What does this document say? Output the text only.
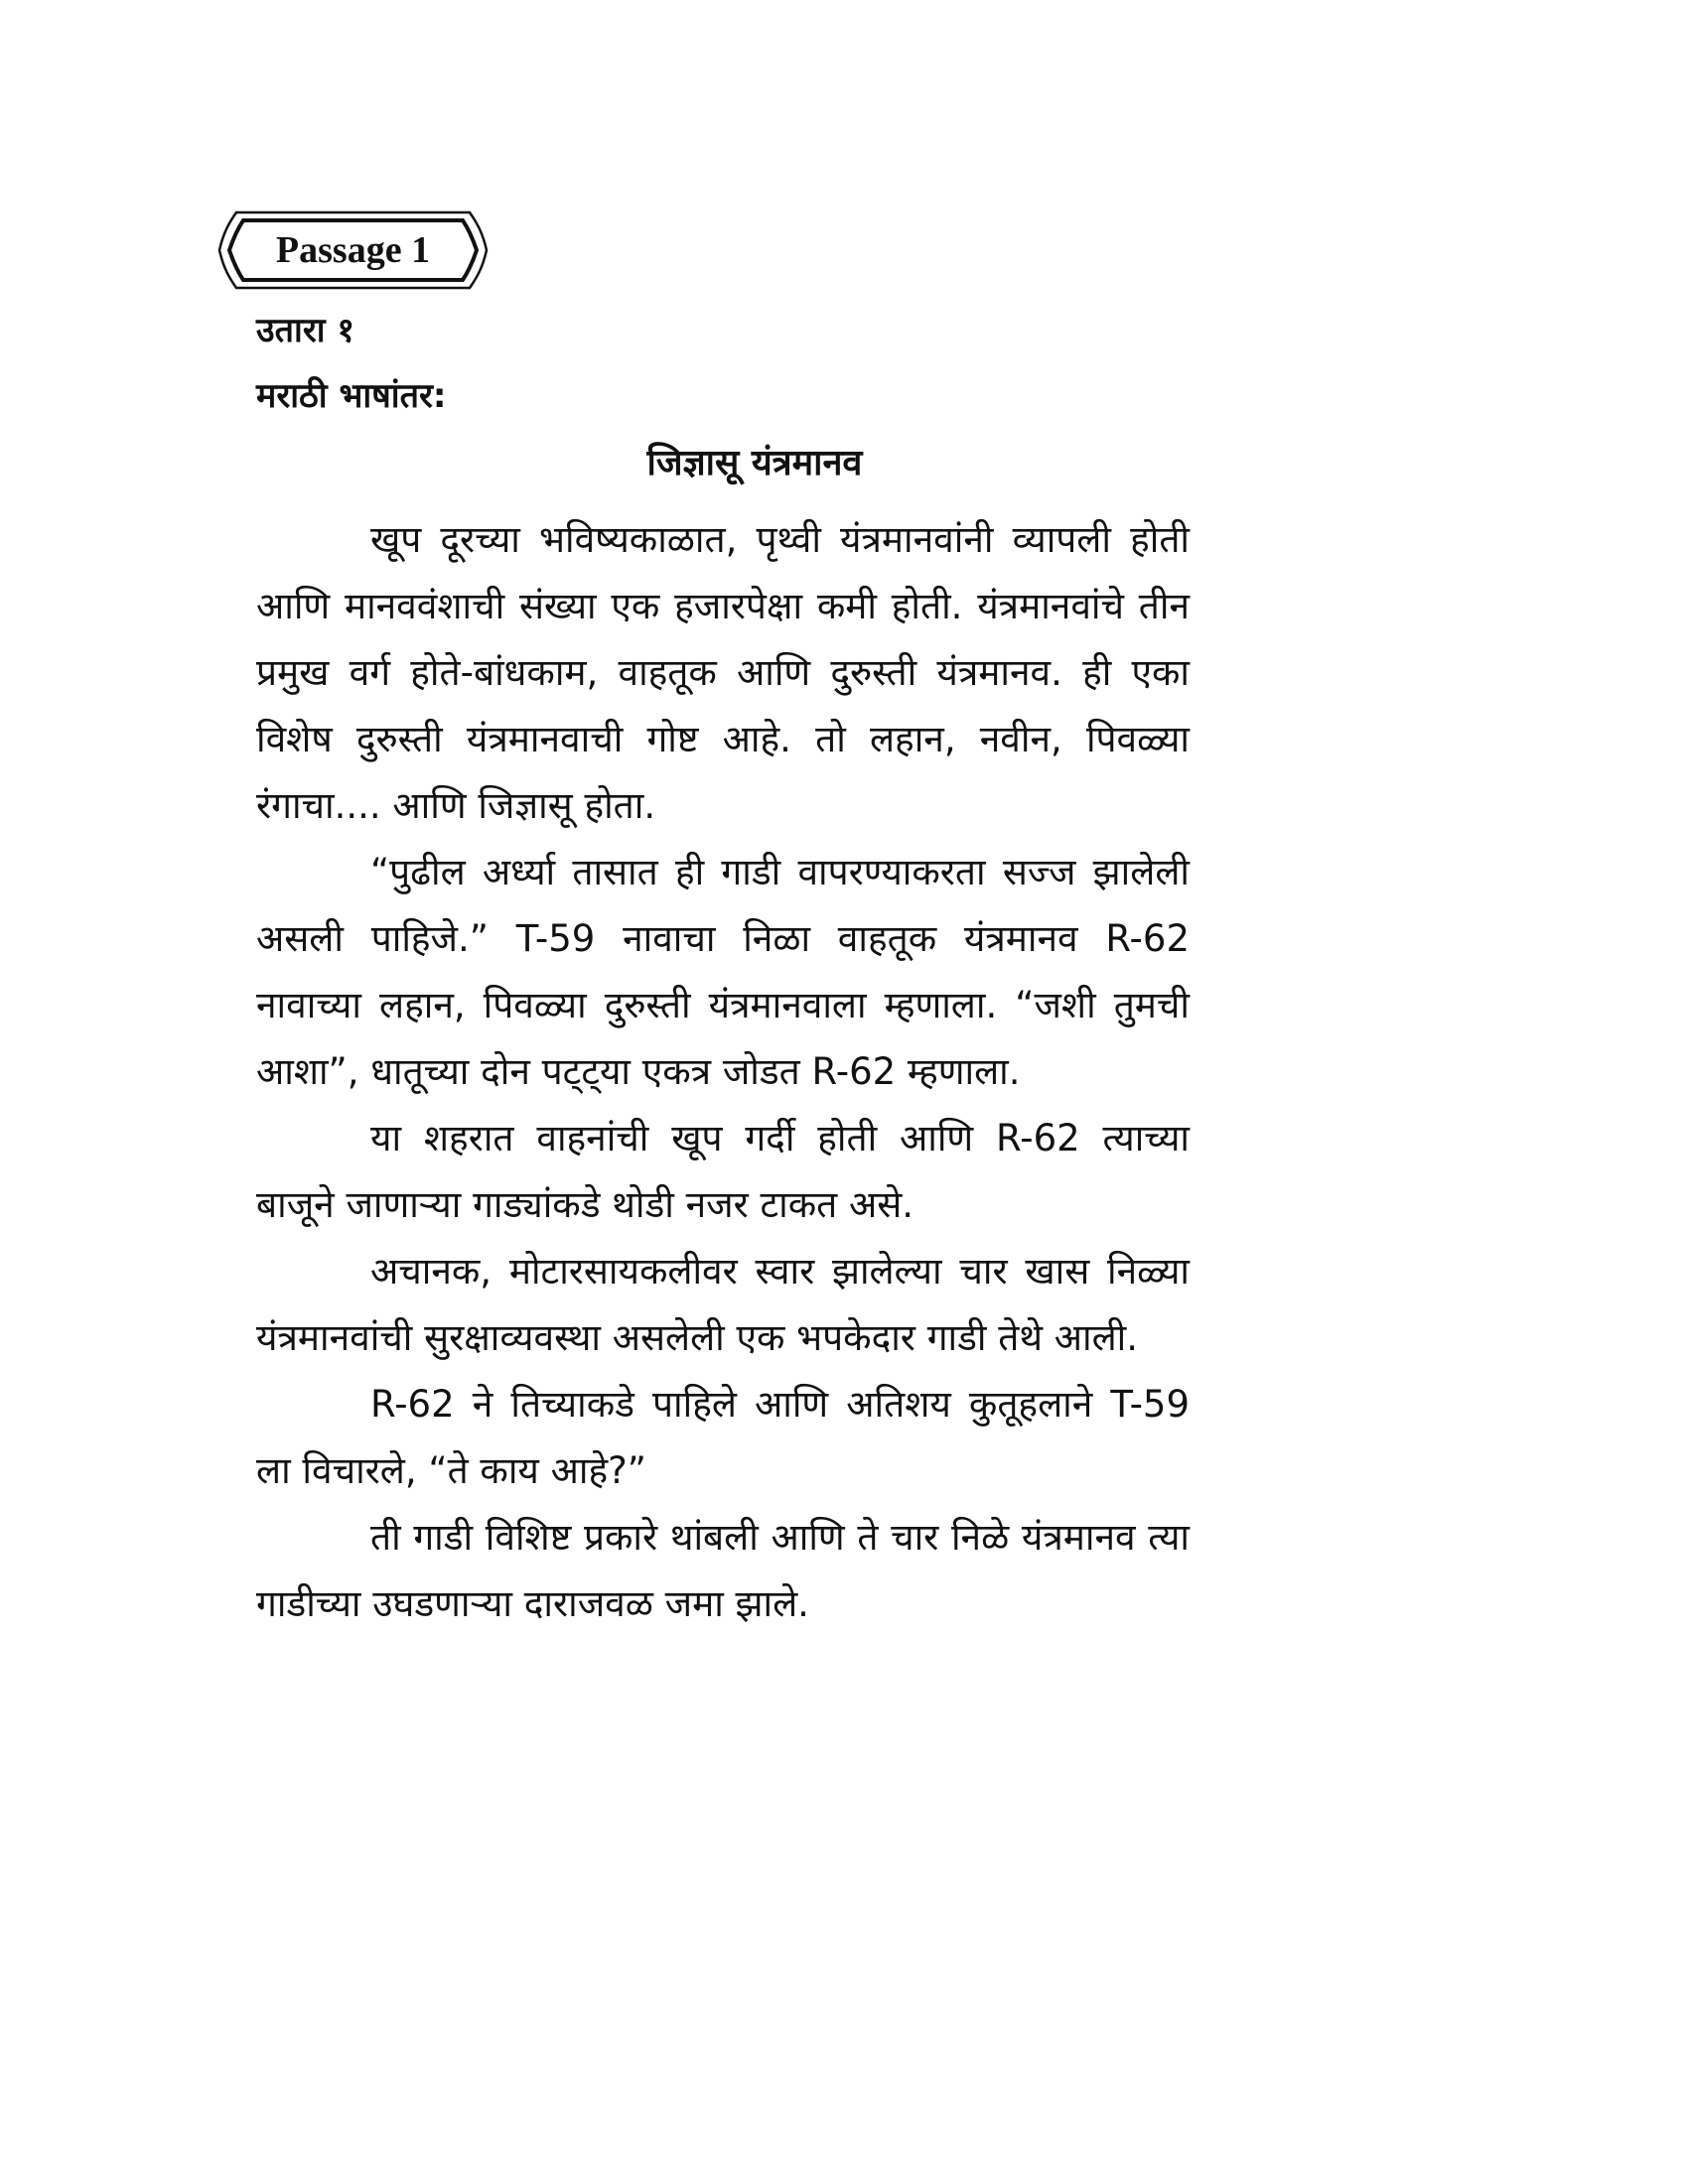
Passage 1
उतारा १
मराठी भाषांतर:
जिज्ञासू यंत्रमानव

खूप दूरच्या भविष्यकाळात, पृथ्वी यंत्रमानवांनी व्यापली होती आणि मानववंशाची संख्या एक हजारपेक्षा कमी होती. यंत्रमानवांचे तीन प्रमुख वर्ग होते-बांधकाम, वाहतूक आणि दुरुस्ती यंत्रमानव. ही एका विशेष दुरुस्ती यंत्रमानवाची गोष्ट आहे. तो लहान, नवीन, पिवळ्या रंगाचा.... आणि जिज्ञासू होता.

“पुढील अर्ध्या तासात ही गाडी वापरण्याकरता सज्ज झालेली असली पाहिजे.” T-59 नावाचा निळा वाहतूक यंत्रमानव R-62 नावाच्या लहान, पिवळ्या दुरुस्ती यंत्रमानवाला म्हणाला. “जशी तुमची आशा”, धातूच्या दोन पट्ट्या एकत्र जोडत R-62 म्हणाला.

या शहरात वाहनांची खूप गर्दी होती आणि R-62 त्याच्या बाजूने जाणाऱ्या गाड्यांकडे थोडी नजर टाकत असे.

अचानक, मोटारसायकलीवर स्वार झालेल्या चार खास निळ्या यंत्रमानवांची सुरक्षाव्यवस्था असलेली एक भपकेदार गाडी तेथे आली.

R-62 ने तिच्याकडे पाहिले आणि अतिशय कुतूहलाने T-59 ला विचारले, “ते काय आहे?”

ती गाडी विशिष्ट प्रकारे थांबली आणि ते चार निळे यंत्रमानव त्या गाडीच्या उघडणाऱ्या दाराजवळ जमा झाले.
